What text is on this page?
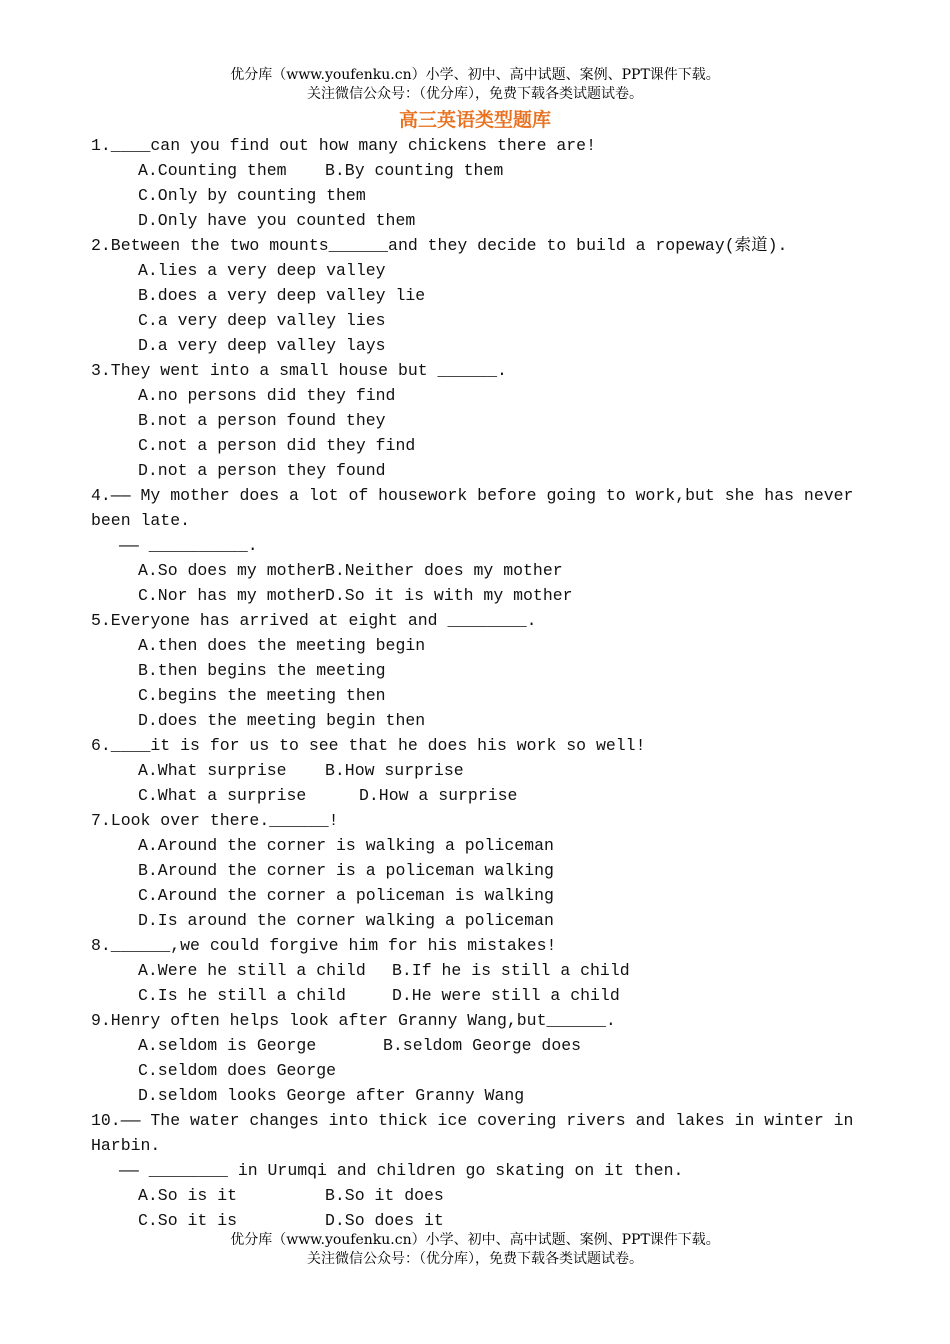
优分库（www.youfenku.cn）小学、初中、高中试题、案例、PPT课件下载。
关注微信公众号：（优分库），免费下载各类试题试卷。
高三英语类型题库
1.____can you find out how many chickens there are!
A.Counting them	B.By counting them
C.Only by counting them
D.Only have you counted them
2.Between the two mounts______and they decide to build a ropeway(索道).
A.lies a very deep valley
B.does a very deep valley lie
C.a very deep valley lies
D.a very deep valley lays
3.They went into a small house but ______.
A.no persons did they find
B.not a person found they
C.not a person did they find
D.not a person they found
4.—— My mother does a lot of housework before going to work,but she has never been late.
—— __________.
A.So does my mother
B.Neither does my mother
C.Nor has my mother
D.So it is with my mother
5.Everyone has arrived at eight and ________.
A.then does the meeting begin
B.then begins the meeting
C.begins the meeting then
D.does the meeting begin then
6.____it is for us to see that he does his work so well!
A.What surprise	B.How surprise
C.What a surprise	D.How a surprise
7.Look over there.______!
A.Around the corner is walking a policeman
B.Around the corner is a policeman walking
C.Around the corner a policeman is walking
D.Is around the corner walking a policeman
8.______,we could forgive him for his mistakes!
A.Were he still a child	B.If he is still a child
C.Is he still a child	D.He were still a child
9.Henry often helps look after Granny Wang,but______.
A.seldom is George	B.seldom George does
C.seldom does George
D.seldom looks George after Granny Wang
10.—— The water changes into thick ice covering rivers and lakes in winter in Harbin.
—— ________ in Urumqi and children go skating on it then.
A.So is it	B.So it does
C.So it is	D.So does it
优分库（www.youfenku.cn）小学、初中、高中试题、案例、PPT课件下载。
关注微信公众号：（优分库），免费下载各类试题试卷。
